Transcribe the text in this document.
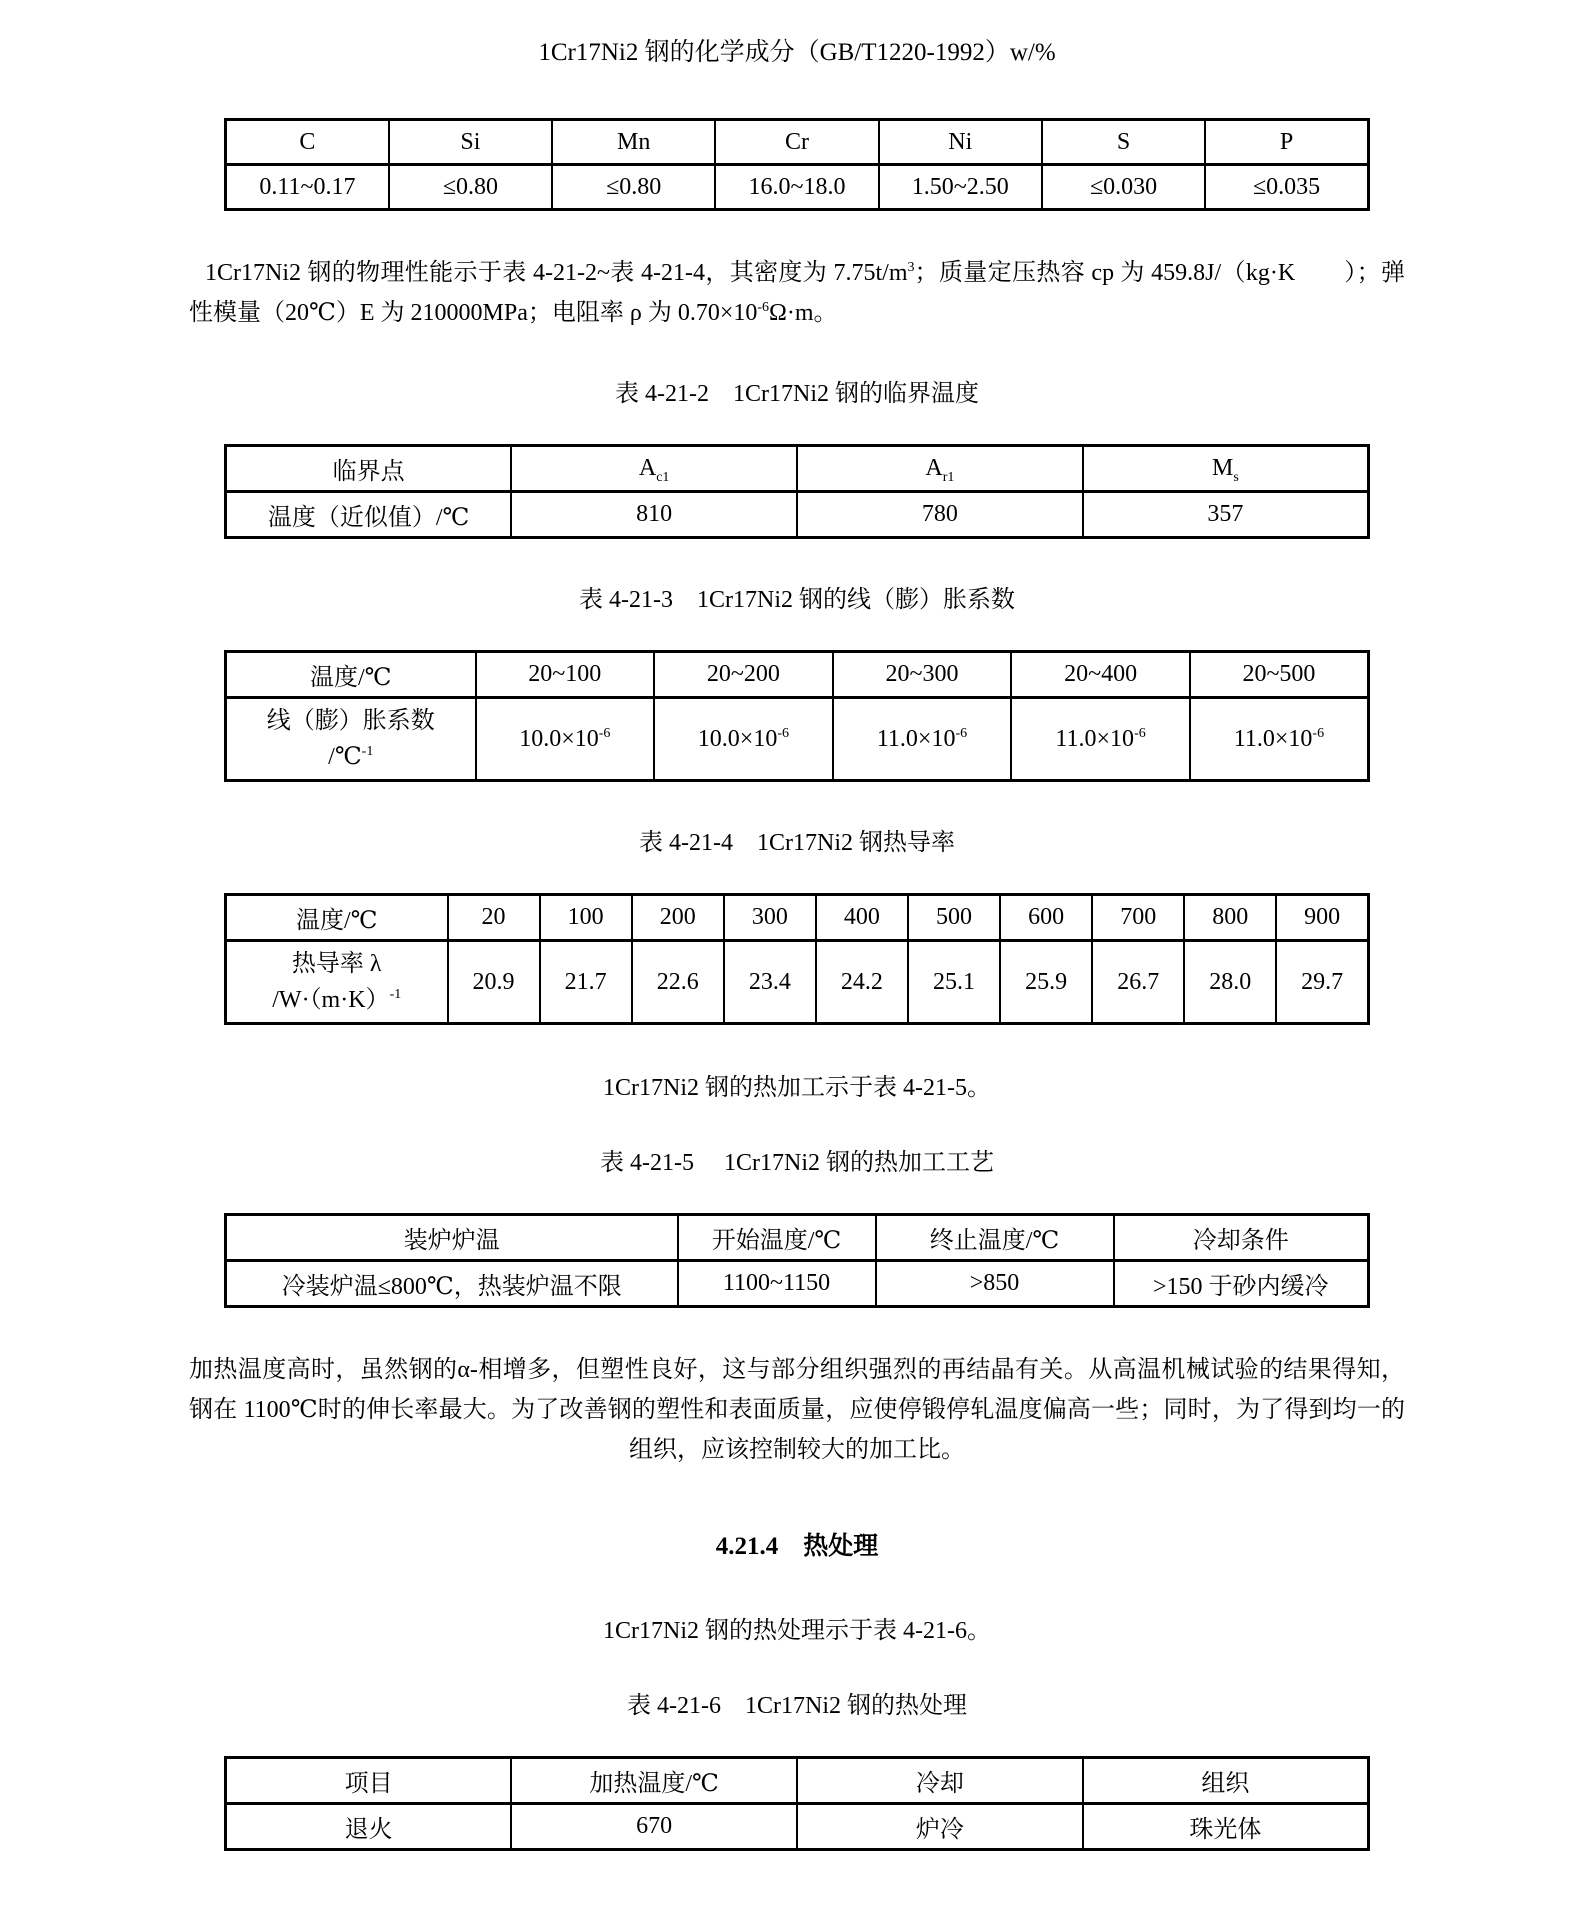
1Cr17Ni2 钢的化学成分（GB/T1220-1992）w/%
C	Si	Mn	Cr	Ni	S	P
0.11~0.17	≤0.80	≤0.80	16.0~18.0	1.50~2.50	≤0.030	≤0.035

1Cr17Ni2 钢的物理性能示于表 4-21-2~表 4-21-4，其密度为 $7.75t/m^3$；质量定压热容 cp 为 459.8J/（kg·K　　）；弹性模量（20℃）E 为 210000MPa；电阻率 ρ 为 $0.70\times 10^{-6}\Omega\cdot m$。

表 4-21-2　1Cr17Ni2 钢的临界温度
临界点	$A_{c1}$	$A_{r1}$	$M_s$
温度（近似值）/℃	810	780	357
表 4-21-3　1Cr17Ni2 钢的线（膨）胀系数
温度/℃	20~100	20~200	20~300	20~400	20~500

线（膨）胀系数
/℃$^{-1}$	$10.0\times 10^{-6}$	$10.0\times 10^{-6}$	$11.0\times 10^{-6}$	$11.0\times 10^{-6}$	$11.0\times 10^{-6}$
表 4-21-4　1Cr17Ni2 钢热导率
温度/℃	20	100	200	300	400	500	600	700	800	900

热导率 λ
$/W\cdot(m\cdot K)^{-1}$	20.9	21.7	22.6	23.4	24.2	25.1	25.9	26.7	28.0	29.7
1Cr17Ni2 钢的热加工示于表 4-21-5。
表 4-21-5　 1Cr17Ni2 钢的热加工工艺
装炉炉温	开始温度/℃	终止温度/℃	冷却条件
冷装炉温≤800℃，热装炉温不限	1100~1150	>850	>150 于砂内缓冷

加热温度高时，虽然钢的α-相增多，但塑性良好，这与部分组织强烈的再结晶有关。从高温机械试验的结果得知，钢在 1100℃时的伸长率最大。为了改善钢的塑性和表面质量，应使停锻停轧温度偏高一些；同时，为了得到均一的组织，应该控制较大的加工比。

4.21.4　热处理
1Cr17Ni2 钢的热处理示于表 4-21-6。
表 4-21-6　1Cr17Ni2 钢的热处理
项目	加热温度/℃	冷却	组织
退火	670	炉冷	珠光体
